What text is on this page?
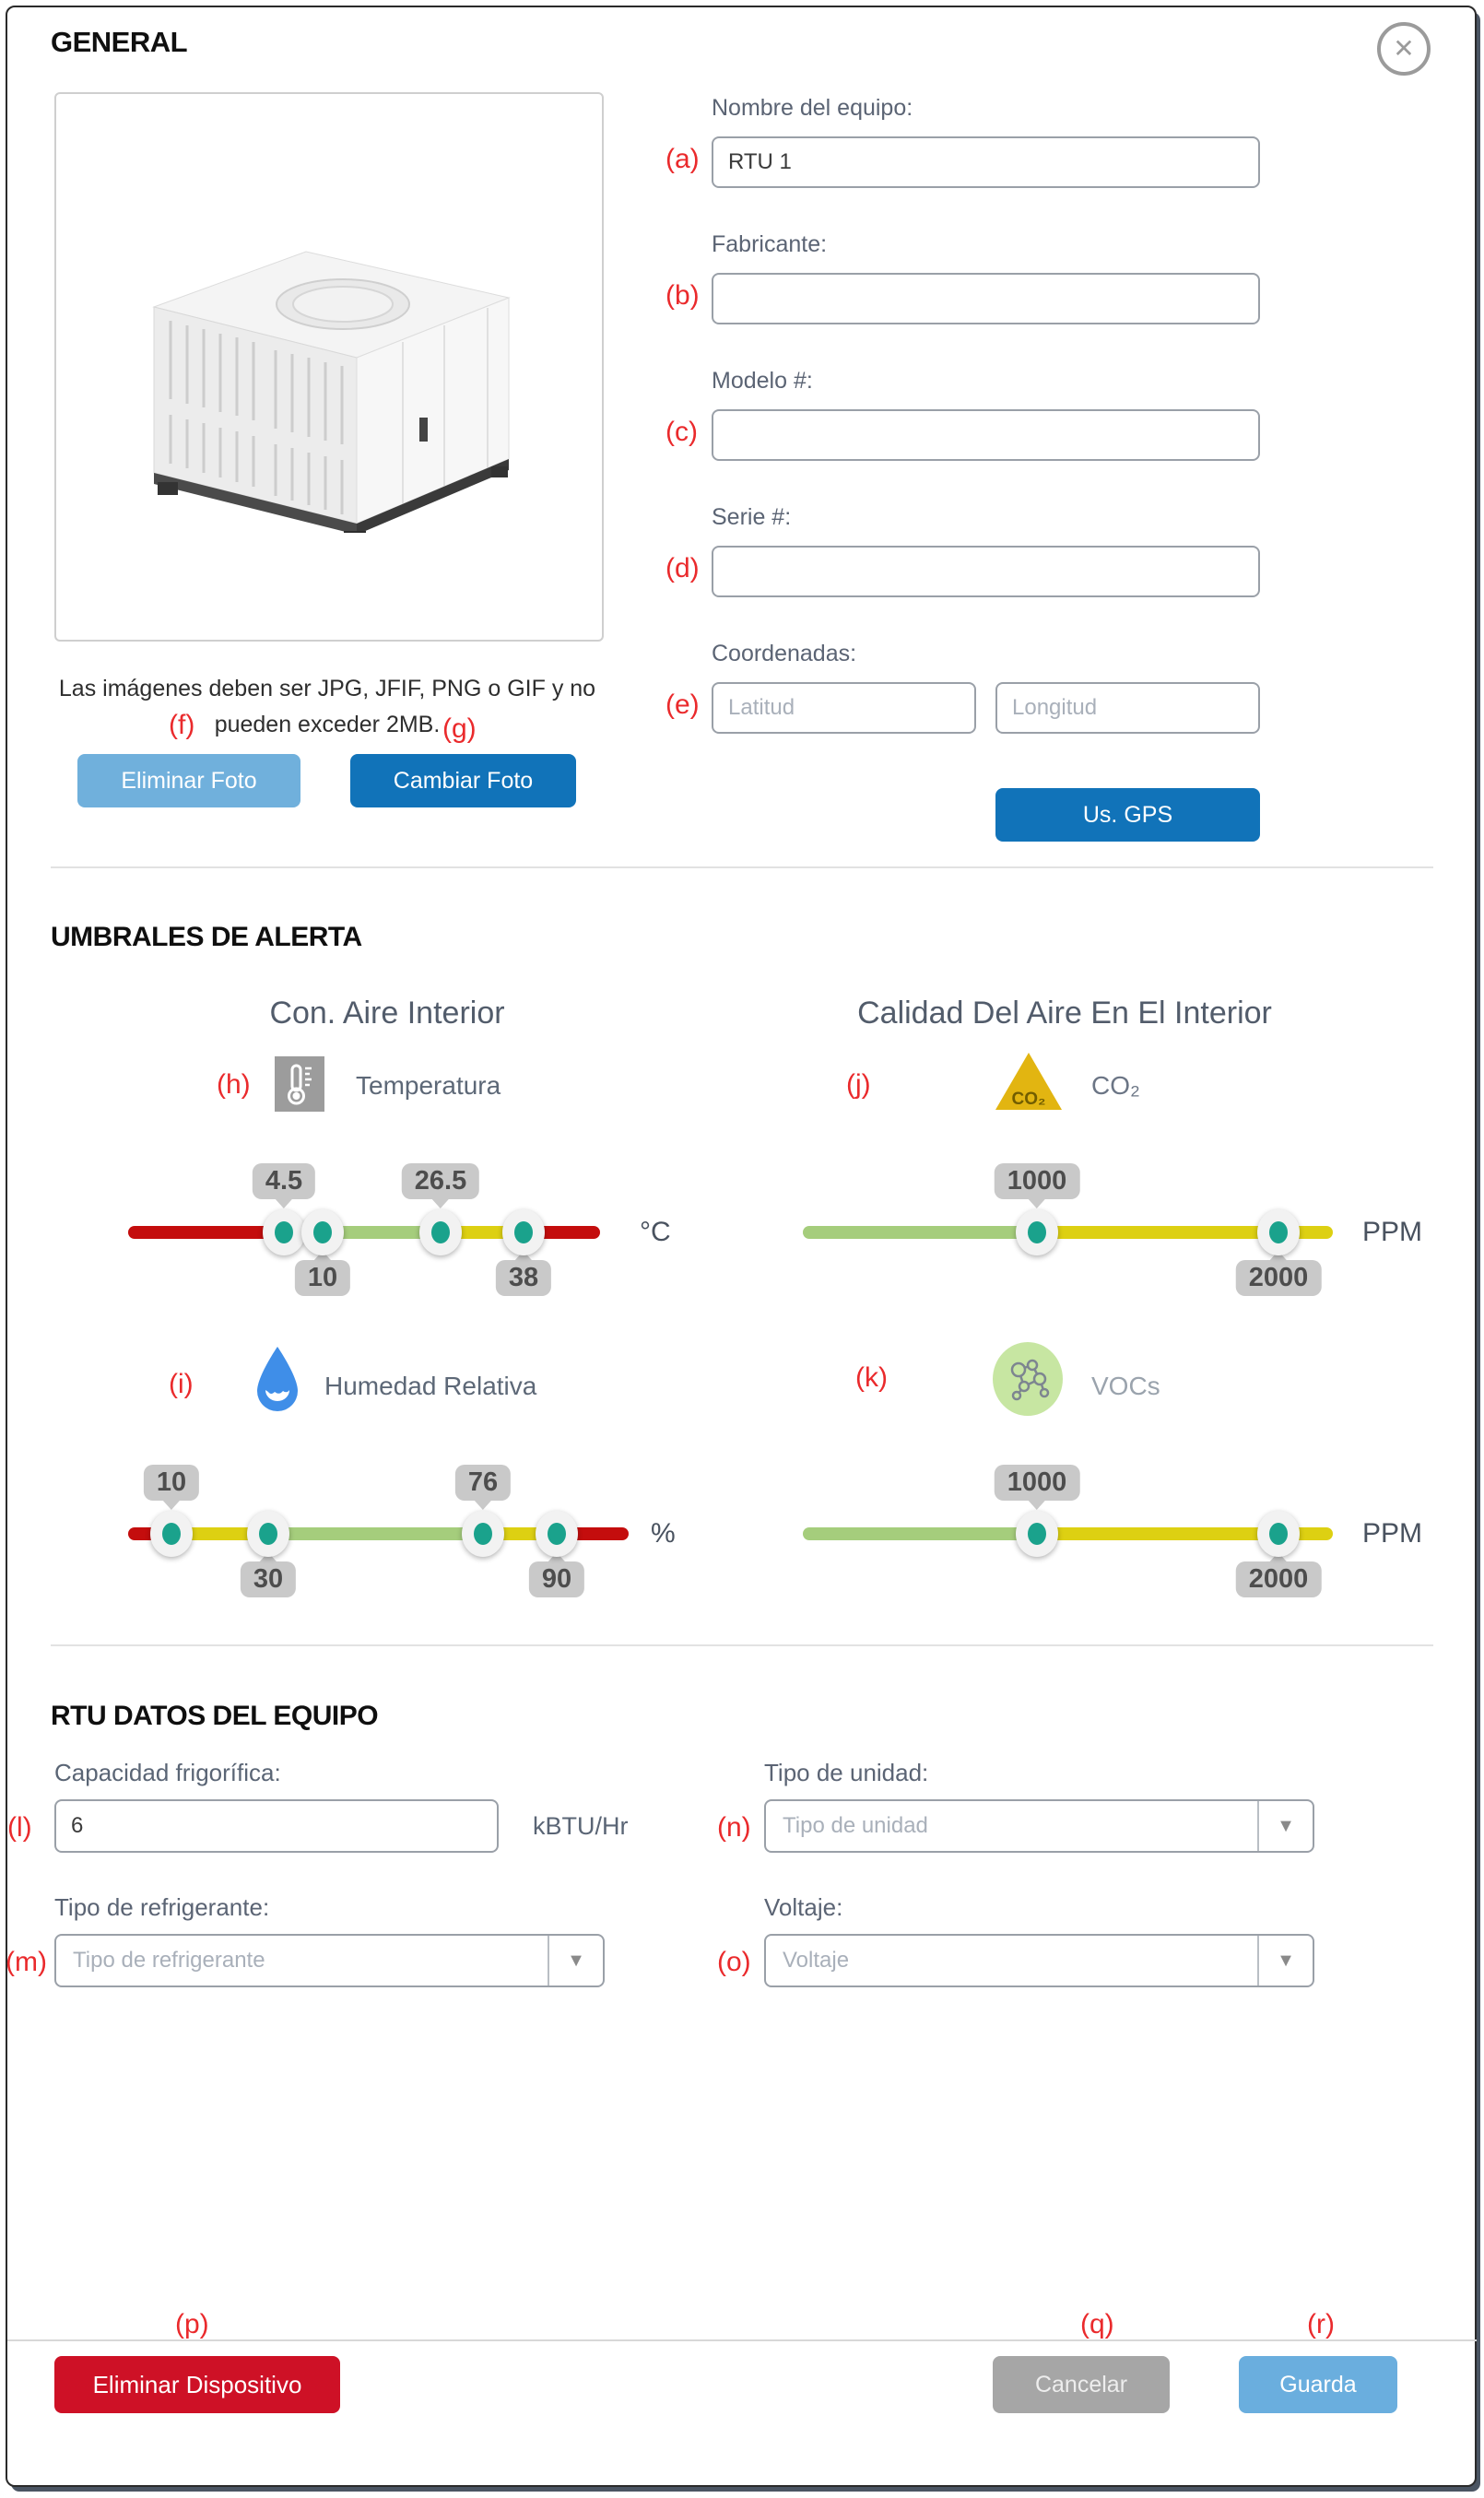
GENERAL	✕
Las imágenes deben ser JPG, JFIF, PNG o GIF y no
pueden exceder 2MB.
(f)	(g)
Eliminar Foto	Cambiar Foto
Nombre del equipo:
(a)
RTU 1
Fabricante:
(b)
Modelo #:
(c)
Serie #:
(d)
Coordenadas:
(e)
Latitud
Longitud
Us. GPS
UMBRALES DE ALERTA
Con. Aire Interior	Calidad Del Aire En El Interior
(h)	Temperatura	(j)	CO₂ CO₂
4.5	26.5
10	38
°C
1000
2000
PPM
(i)	Humedad Relativa	(k)	VOCs
10	76
30	90
%
1000
2000
PPM
RTU DATOS DEL EQUIPO
Capacidad frigorífica:
(l)
6	kBTU/Hr
Tipo de unidad:
(n)	Tipo de unidad	▼
Tipo de refrigerante:
(m)	Tipo de refrigerante	▼
Voltaje:
(o)	Voltaje	▼
(p)	(q)	(r)
Eliminar Dispositivo	Cancelar	Guarda
